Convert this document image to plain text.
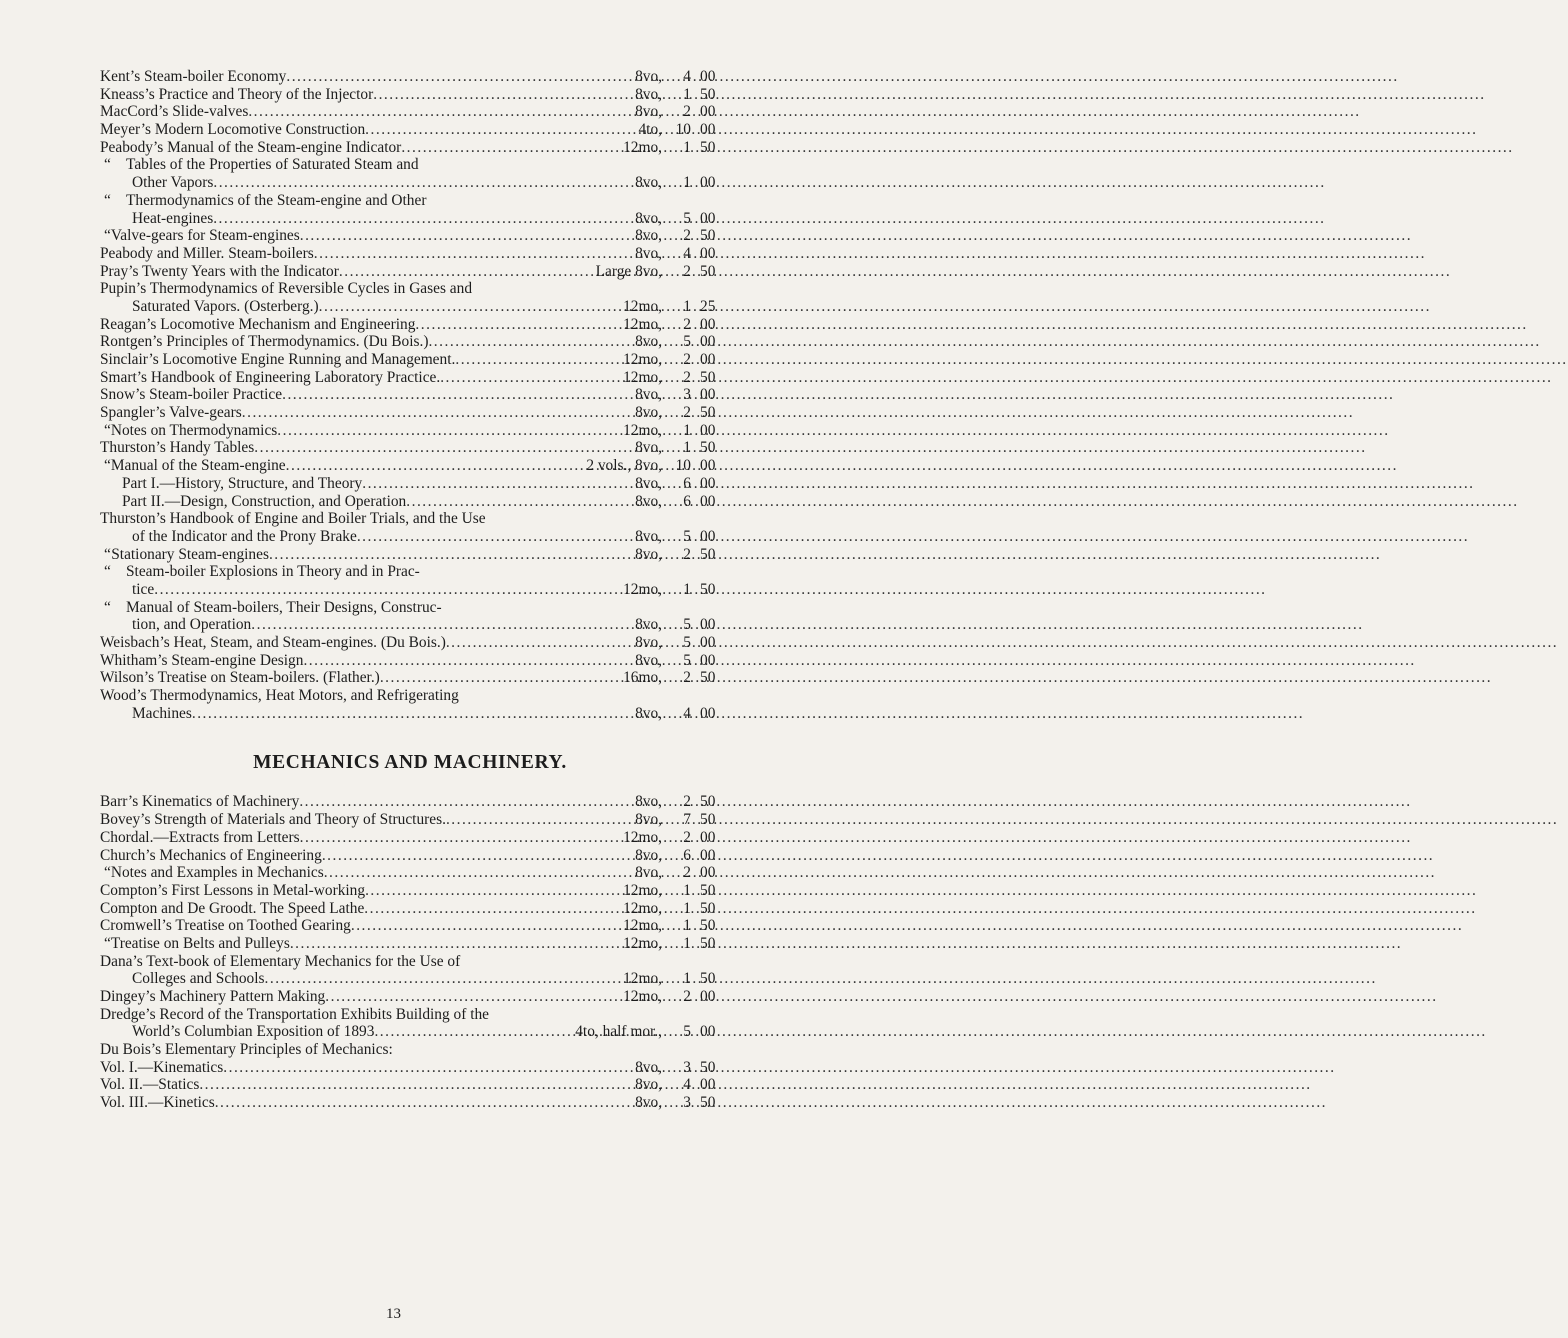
Kent’s Steam-boiler Economy .....	8vo,	4 00
Kneass’s Practice and Theory of the Injector .....	8vo,	1 50
MacCord’s Slide-valves .....	8vo,	2 00
Meyer’s Modern Locomotive Construction .....	4to, 10 00
Peabody’s Manual of the Steam-engine Indicator .....	12mo,	1 50
“ Tables of the Properties of Saturated Steam and
Other Vapors .....	8vo,	1 00
“ Thermodynamics of the Steam-engine and Other
Heat-engines .....	8vo,	5 00
“ Valve-gears for Steam-engines .....	8vo,	2 50
Peabody and Miller. Steam-boilers .....	8vo,	4 00
Pray’s Twenty Years with the Indicator .....	Large 8vo,	2 50
Pupin’s Thermodynamics of Reversible Cycles in Gases and
Saturated Vapors. (Osterberg.) .....	12mo,	1 25
Reagan’s Locomotive Mechanism and Engineering .....	12mo,	2 00
Rontgen’s Principles of Thermodynamics. (Du Bois.) .....	8vo,	5 00
Sinclair’s Locomotive Engine Running and Management. .....	12mo,	2 00
Smart’s Handbook of Engineering Laboratory Practice. .....	12mo,	2 50
Snow’s Steam-boiler Practice .....	8vo,	3 00
Spangler’s Valve-gears .....	8vo,	2 50
“ Notes on Thermodynamics .....	12mo,	1 00
Thurston’s Handy Tables .....	8vo,	1 50
“ Manual of the Steam-engine .....	2 vols., 8vo, 10 00
Part I.—History, Structure, and Theory .....	8vo,	6 00
Part II.—Design, Construction, and Operation .....	8vo,	6 00
Thurston’s Handbook of Engine and Boiler Trials, and the Use
of the Indicator and the Prony Brake .....	8vo,	5 00
“ Stationary Steam-engines .....	8vo,	2 50
“ Steam-boiler Explosions in Theory and in Prac-
tice .....	12mo,	1 50
“ Manual of Steam-boilers, Their Designs, Construc-
tion, and Operation .....	8vo,	5 00
Weisbach’s Heat, Steam, and Steam-engines. (Du Bois.) .....	8vo,	5 00
Whitham’s Steam-engine Design .....	8vo,	5 00
Wilson’s Treatise on Steam-boilers. (Flather.) .....	16mo,	2 50
Wood’s Thermodynamics, Heat Motors, and Refrigerating
Machines .....	8vo,	4 00
MECHANICS AND MACHINERY.
Barr’s Kinematics of Machinery .....	8vo,	2 50
Bovey’s Strength of Materials and Theory of Structures. .....	8vo,	7 50
Chordal.—Extracts from Letters .....	12mo,	2 00
Church’s Mechanics of Engineering .....	8vo,	6 00
“ Notes and Examples in Mechanics .....	8vo,	2 00
Compton’s First Lessons in Metal-working .....	12mo,	1 50
Compton and De Groodt. The Speed Lathe .....	12mo,	1 50
Cromwell’s Treatise on Toothed Gearing .....	12mo,	1 50
“ Treatise on Belts and Pulleys .....	12mo,	1 50
Dana’s Text-book of Elementary Mechanics for the Use of
Colleges and Schools .....	12mo,	1 50
Dingey’s Machinery Pattern Making .....	12mo,	2 00
Dredge’s Record of the Transportation Exhibits Building of the
World’s Columbian Exposition of 1893 .....	4to, half mor.,	5 00
Du Bois’s Elementary Principles of Mechanics:
Vol. I.—Kinematics .....	8vo,	3 50
Vol. II.—Statics .....	8vo,	4 00
Vol. III.—Kinetics .....	8vo,	3 50
13
